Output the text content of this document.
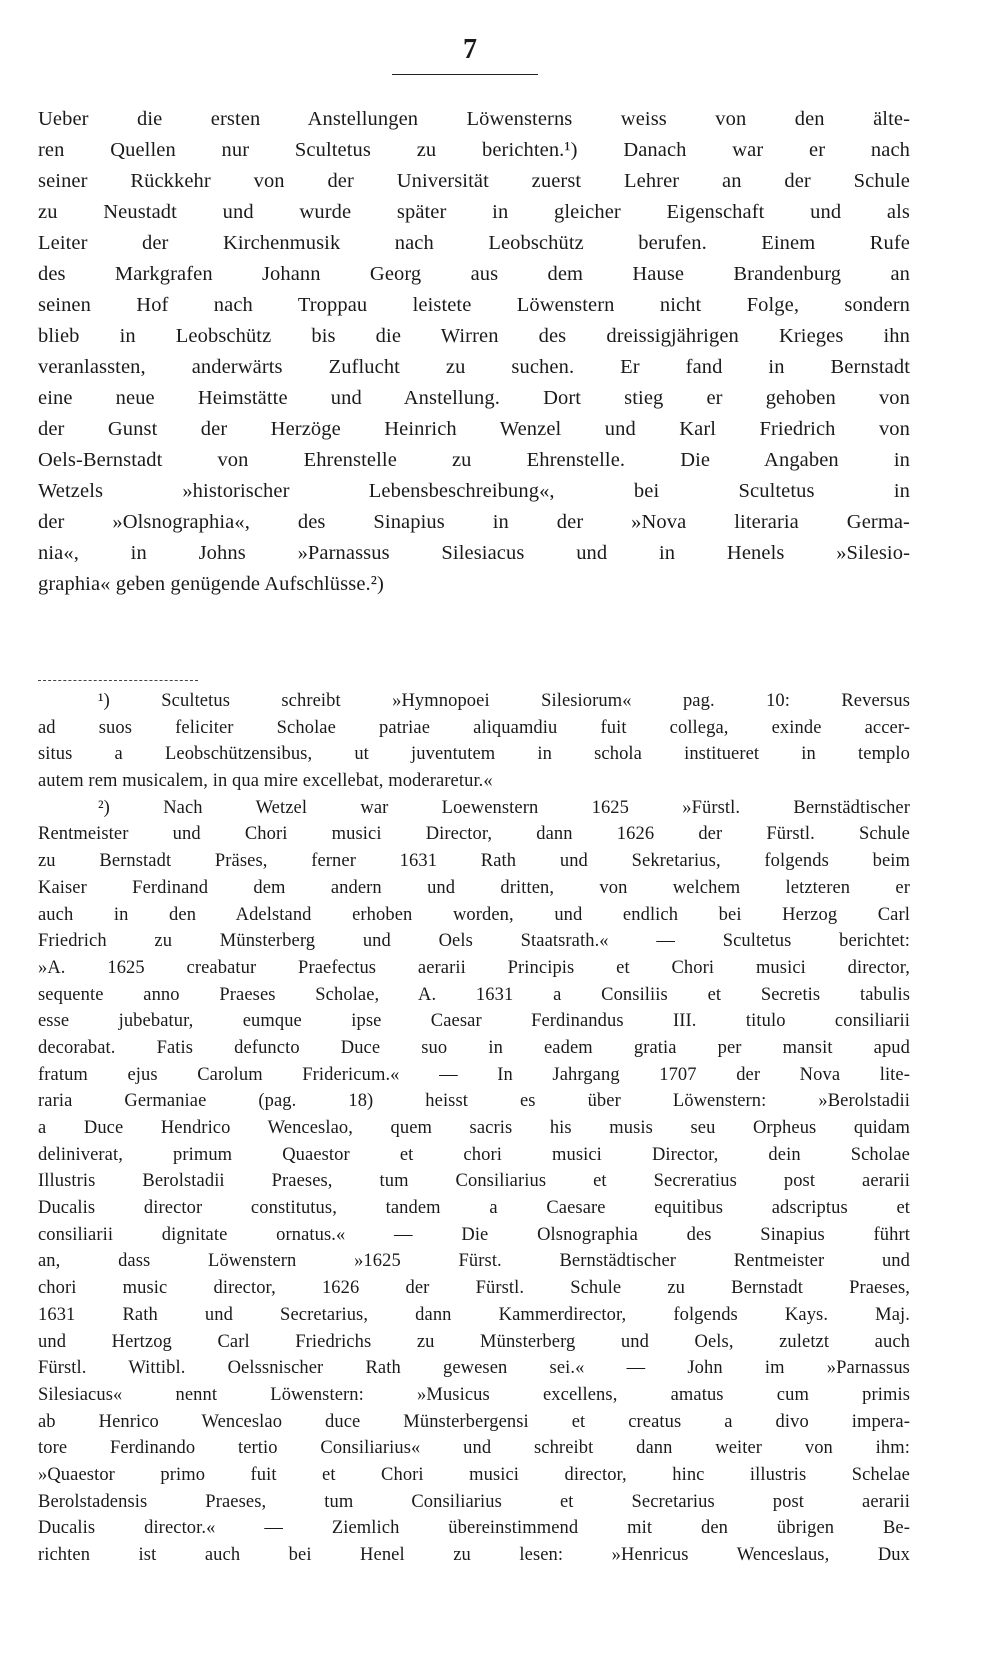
7
Ueber die ersten Anstellungen Löwensterns weiss von den älte-
ren Quellen nur Scultetus zu berichten.¹) Danach war er nach
seiner Rückkehr von der Universität zuerst Lehrer an der Schule
zu Neustadt und wurde später in gleicher Eigenschaft und als
Leiter der Kirchenmusik nach Leobschütz berufen. Einem Rufe
des Markgrafen Johann Georg aus dem Hause Brandenburg an
seinen Hof nach Troppau leistete Löwenstern nicht Folge, sondern
blieb in Leobschütz bis die Wirren des dreissigjährigen Krieges ihn
veranlassten, anderwärts Zuflucht zu suchen. Er fand in Bernstadt
eine neue Heimstätte und Anstellung. Dort stieg er gehoben von
der Gunst der Herzöge Heinrich Wenzel und Karl Friedrich von
Oels-Bernstadt von Ehrenstelle zu Ehrenstelle. Die Angaben in
Wetzels »historischer Lebensbeschreibung«, bei Scultetus in
der »Olsnographia«, des Sinapius in der »Nova literaria Germa-
nia«, in Johns »Parnassus Silesiacus und in Henels »Silesio-
graphia« geben genügende Aufschlüsse.²)
¹) Scultetus schreibt »Hymnopoei Silesiorum« pag. 10: Reversus
ad suos feliciter Scholae patriae aliquamdiu fuit collega, exinde accer-
situs a Leobschützensibus, ut juventutem in schola institueret in templo
autem rem musicalem, in qua mire excellebat, moderaretur.«
²) Nach Wetzel war Loewenstern 1625 »Fürstl. Bernstädtischer
Rentmeister und Chori musici Director, dann 1626 der Fürstl. Schule
zu Bernstadt Präses, ferner 1631 Rath und Sekretarius, folgends beim
Kaiser Ferdinand dem andern und dritten, von welchem letzteren er
auch in den Adelstand erhoben worden, und endlich bei Herzog Carl
Friedrich zu Münsterberg und Oels Staatsrath.« — Scultetus berichtet:
»A. 1625 creabatur Praefectus aerarii Principis et Chori musici director,
sequente anno Praeses Scholae, A. 1631 a Consiliis et Secretis tabulis
esse jubebatur, eumque ipse Caesar Ferdinandus III. titulo consiliarii
decorabat. Fatis defuncto Duce suo in eadem gratia per mansit apud
fratum ejus Carolum Fridericum.« — In Jahrgang 1707 der Nova lite-
raria Germaniae (pag. 18) heisst es über Löwenstern: »Berolstadii
a Duce Hendrico Wenceslao, quem sacris his musis seu Orpheus quidam
deliniverat, primum Quaestor et chori musici Director, dein Scholae
Illustris Berolstadii Praeses, tum Consiliarius et Secreratius post aerarii
Ducalis director constitutus, tandem a Caesare equitibus adscriptus et
consiliarii dignitate ornatus.« — Die Olsnographia des Sinapius führt
an, dass Löwenstern »1625 Fürst. Bernstädtischer Rentmeister und
chori music director, 1626 der Fürstl. Schule zu Bernstadt Praeses,
1631 Rath und Secretarius, dann Kammerdirector, folgends Kays. Maj.
und Hertzog Carl Friedrichs zu Münsterberg und Oels, zuletzt auch
Fürstl. Wittibl. Oelssnischer Rath gewesen sei.« — John im »Parnassus
Silesiacus« nennt Löwenstern: »Musicus excellens, amatus cum primis
ab Henrico Wenceslao duce Münsterbergensi et creatus a divo impera-
tore Ferdinando tertio Consiliarius« und schreibt dann weiter von ihm:
»Quaestor primo fuit et Chori musici director, hinc illustris Schelae
Berolstadensis Praeses, tum Consiliarius et Secretarius post aerarii
Ducalis director.« — Ziemlich übereinstimmend mit den übrigen Be-
richten ist auch bei Henel zu lesen: »Henricus Wenceslaus, Dux
